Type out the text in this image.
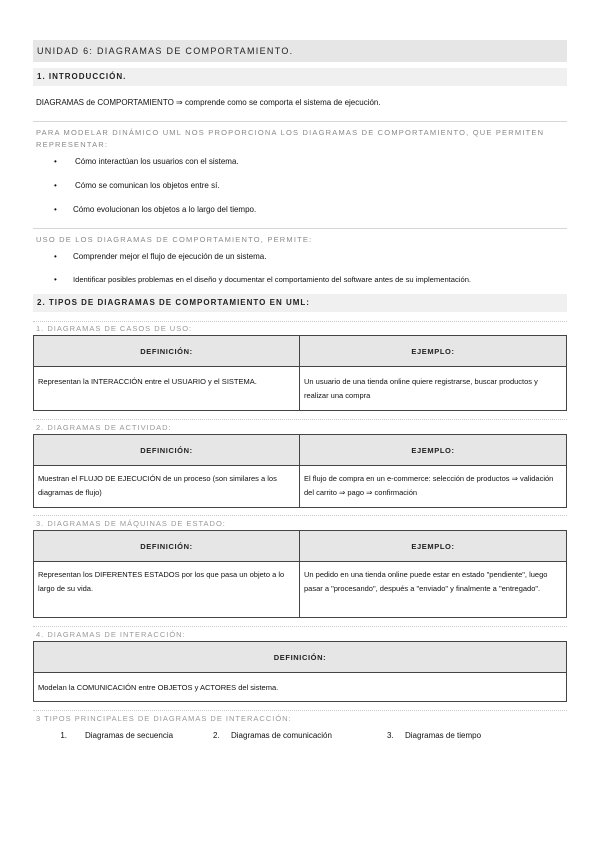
UNIDAD 6: DIAGRAMAS DE COMPORTAMIENTO.
1. INTRODUCCIÓN.
DIAGRAMAS de COMPORTAMIENTO ⇒ comprende como se comporta el sistema de ejecución.
PARA MODELAR DINÁMICO UML NOS PROPORCIONA LOS DIAGRAMAS DE COMPORTAMIENTO, QUE PERMITEN REPRESENTAR:
• Cómo interactúan los usuarios con el sistema.
• Cómo se comunican los objetos entre sí.
• Cómo evolucionan los objetos a lo largo del tiempo.
USO DE LOS DIAGRAMAS DE COMPORTAMIENTO, PERMITE:
• Comprender mejor el flujo de ejecución de un sistema.
• Identificar posibles problemas en el diseño y documentar el comportamiento del software antes de su implementación.
2. TIPOS DE DIAGRAMAS DE COMPORTAMIENTO EN UML:
1. DIAGRAMAS DE CASOS DE USO:
DEFINICIÓN:	EJEMPLO:
Representan la INTERACCIÓN entre el USUARIO y el SISTEMA.	Un usuario de una tienda online quiere registrarse, buscar productos y realizar una compra
2. DIAGRAMAS DE ACTIVIDAD:
DEFINICIÓN:	EJEMPLO:
Muestran el FLUJO DE EJECUCIÓN de un proceso (son similares a los diagramas de flujo)	El flujo de compra en un e-commerce: selección de productos ⇒ validación del carrito ⇒ pago ⇒ confirmación
3. DIAGRAMAS DE MÁQUINAS DE ESTADO:
DEFINICIÓN:	EJEMPLO:
Representan los DIFERENTES ESTADOS por los que pasa un objeto a lo largo de su vida.	Un pedido en una tienda online puede estar en estado "pendiente", luego pasar a "procesando", después a "enviado" y finalmente a "entregado".
4. DIAGRAMAS DE INTERACCIÓN:
DEFINICIÓN:
Modelan la COMUNICACIÓN entre OBJETOS y ACTORES del sistema.
3 TIPOS PRINCIPALES DE DIAGRAMAS DE INTERACCIÓN:
1.	Diagramas de secuencia	2.	Diagramas de comunicación	3.	Diagramas de tiempo
